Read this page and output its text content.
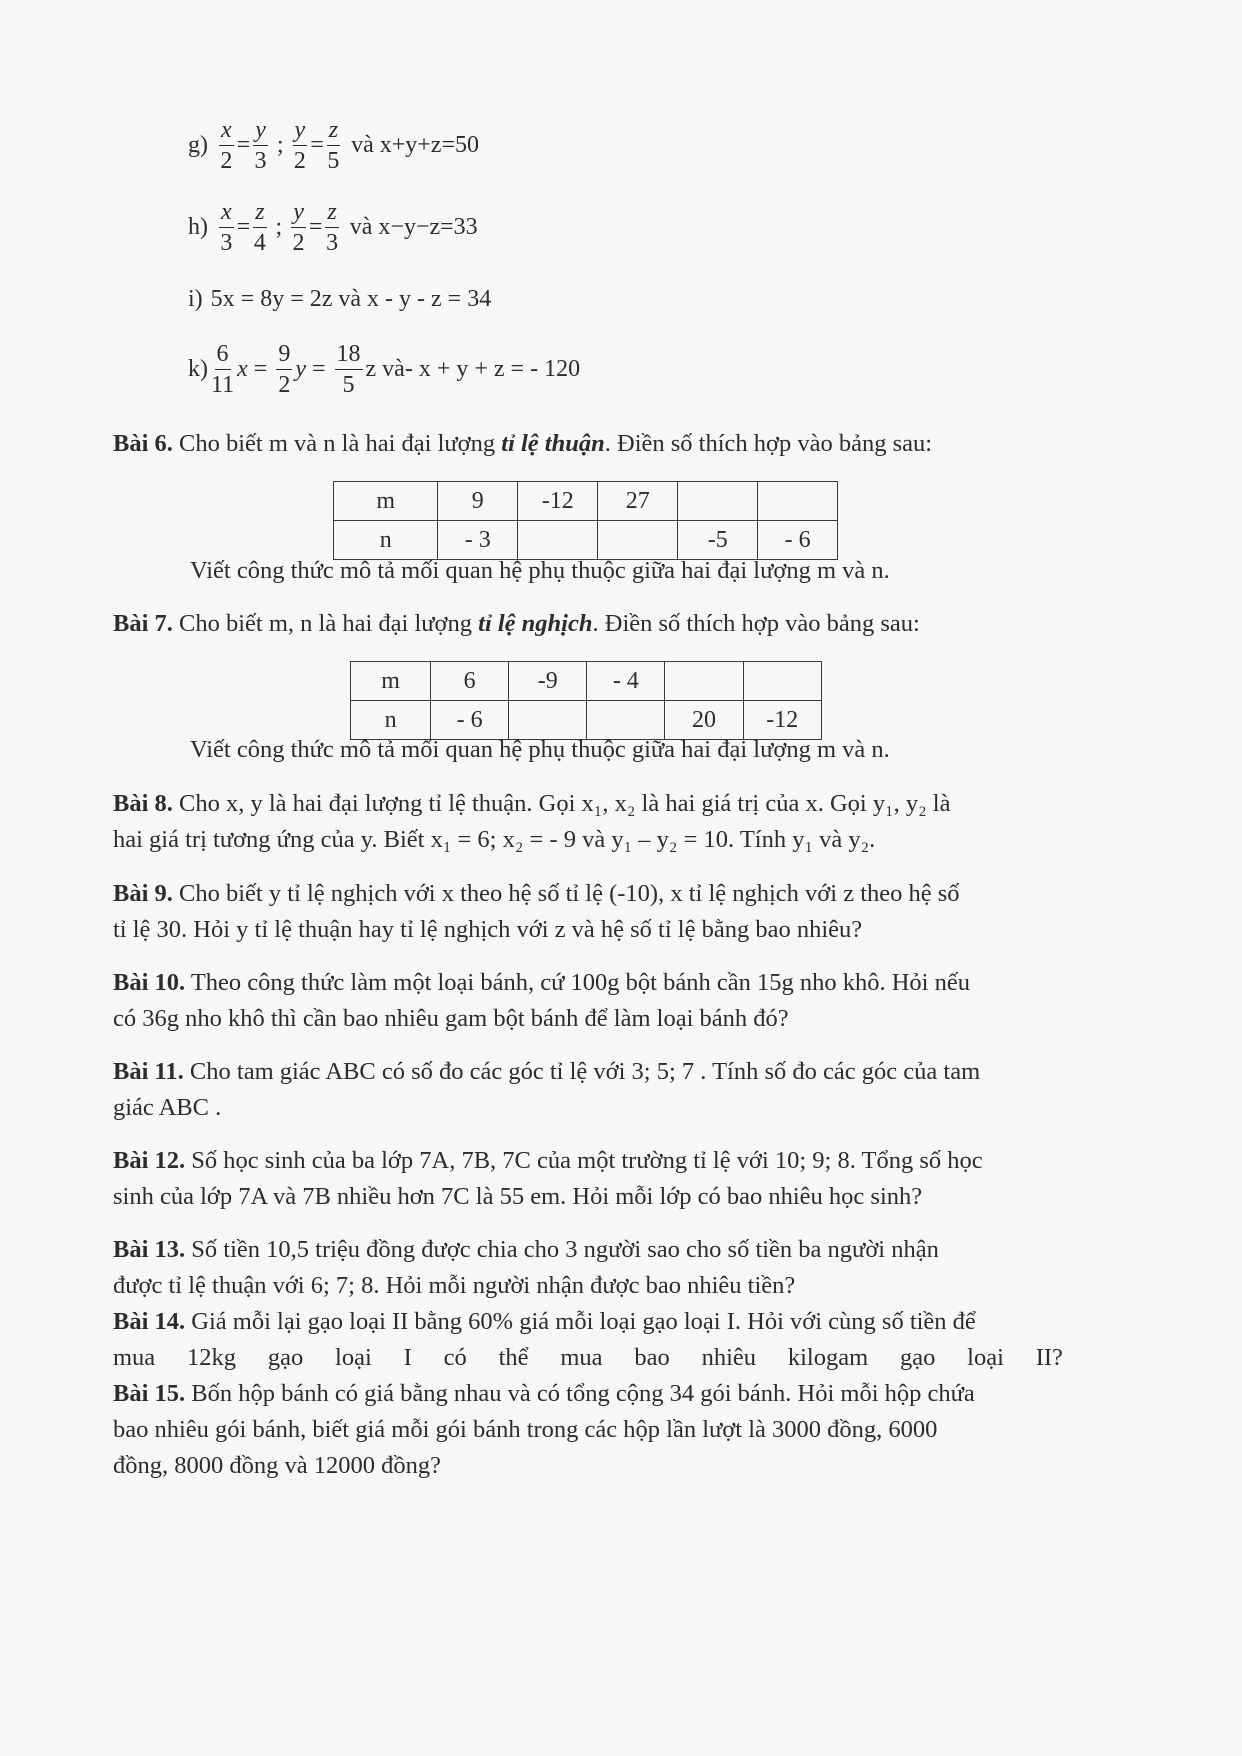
$g) \frac{x}{2} = \frac{y}{3}$ ; $\frac{y}{2} = \frac{z}{5}$ và x+y+z=50
$h) \frac{x}{3} = \frac{z}{4}$ ; $\frac{y}{2} = \frac{z}{3}$ và x−y−z=33
i) 5x = 8y = 2z và x - y - z = 34
$k) \frac{6}{11}$ $x = \frac{9}{2}$ $y = \frac{18}{5}$ z và- x + y + z = - 120
Bài 6. Cho biết m và n là hai đại lượng tỉ lệ thuận. Điền số thích hợp vào bảng sau:
m	9	-12	27		
n	- 3			-5	- 6
Viết công thức mô tả mối quan hệ phụ thuộc giữa hai đại lượng m và n.
Bài 7. Cho biết m, n là hai đại lượng tỉ lệ nghịch. Điền số thích hợp vào bảng sau:
m	6	-9	- 4		
n	- 6			20	-12
Viết công thức mô tả mối quan hệ phụ thuộc giữa hai đại lượng m và n.
Bài 8. Cho x, y là hai đại lượng tỉ lệ thuận. Gọi x₁, x₂ là hai giá trị của x. Gọi y₁, y₂ là
hai giá trị tương ứng của y. Biết x₁ = 6; x₂ = - 9 và y₁ – y₂ = 10. Tính y₁ và y₂.
Bài 9. Cho biết y tỉ lệ nghịch với x theo hệ số tỉ lệ (-10), x tỉ lệ nghịch với z theo hệ số
tỉ lệ 30. Hỏi y tỉ lệ thuận hay tỉ lệ nghịch với z và hệ số tỉ lệ bằng bao nhiêu?
Bài 10. Theo công thức làm một loại bánh, cứ 100g bột bánh cần 15g nho khô. Hỏi nếu
có 36g nho khô thì cần bao nhiêu gam bột bánh để làm loại bánh đó?
Bài 11. Cho tam giác ABC có số đo các góc tỉ lệ với 3; 5; 7 . Tính số đo các góc của tam
giác ABC .
Bài 12. Số học sinh của ba lớp 7A, 7B, 7C của một trường tỉ lệ với 10; 9; 8. Tổng số học
sinh của lớp 7A và 7B nhiều hơn 7C là 55 em. Hỏi mỗi lớp có bao nhiêu học sinh?
Bài 13. Số tiền 10,5 triệu đồng được chia cho 3 người sao cho số tiền ba người nhận
được tỉ lệ thuận với 6; 7; 8. Hỏi mỗi người nhận được bao nhiêu tiền?
Bài 14. Giá mỗi lại gạo loại II bằng 60% giá mỗi loại gạo loại I. Hỏi với cùng số tiền để
mua 12kg gạo loại I có thể mua bao nhiêu kilogam gạo loại II?
Bài 15. Bốn hộp bánh có giá bằng nhau và có tổng cộng 34 gói bánh. Hỏi mỗi hộp chứa
bao nhiêu gói bánh, biết giá mỗi gói bánh trong các hộp lần lượt là 3000 đồng, 6000
đồng, 8000 đồng và 12000 đồng?
